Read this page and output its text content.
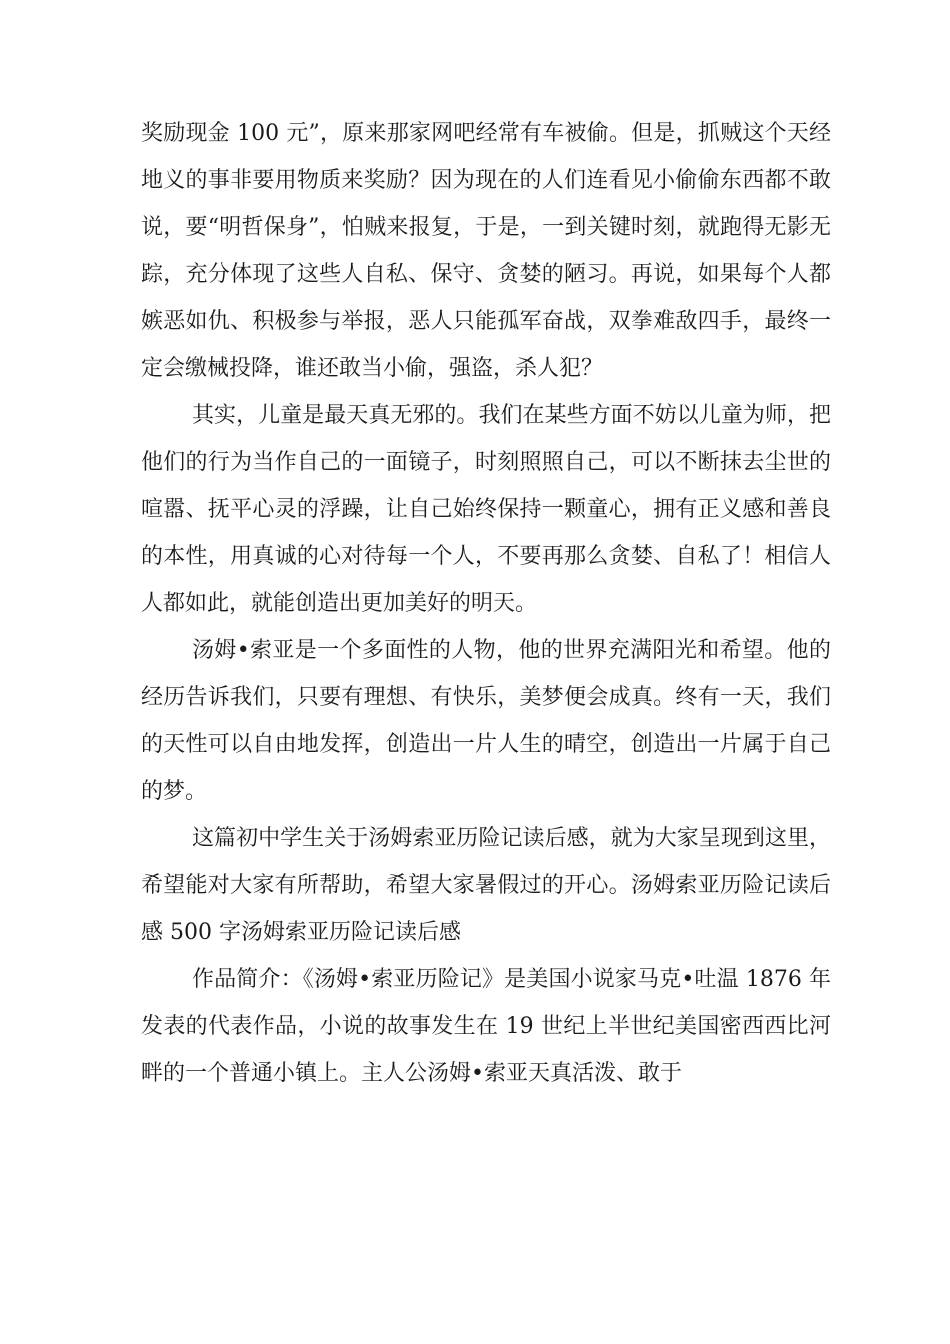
奖励现金 100 元”，原来那家网吧经常有车被偷。但是，抓贼这个天经地义的事非要用物质来奖励？因为现在的人们连看见小偷偷东西都不敢说，要“明哲保身”，怕贼来报复，于是，一到关键时刻，就跑得无影无踪，充分体现了这些人自私、保守、贪婪的陋习。再说，如果每个人都嫉恶如仇、积极参与举报，恶人只能孤军奋战，双拳难敌四手，最终一定会缴械投降，谁还敢当小偷，强盗，杀人犯？

其实，儿童是最天真无邪的。我们在某些方面不妨以儿童为师，把他们的行为当作自己的一面镜子，时刻照照自己，可以不断抹去尘世的喧嚣、抚平心灵的浮躁，让自己始终保持一颗童心，拥有正义感和善良的本性，用真诚的心对待每一个人，不要再那么贪婪、自私了！相信人人都如此，就能创造出更加美好的明天。

汤姆•索亚是一个多面性的人物，他的世界充满阳光和希望。他的经历告诉我们，只要有理想、有快乐，美梦便会成真。终有一天，我们的天性可以自由地发挥，创造出一片人生的晴空，创造出一片属于自己的梦。

这篇初中学生关于汤姆索亚历险记读后感，就为大家呈现到这里，希望能对大家有所帮助，希望大家暑假过的开心。汤姆索亚历险记读后感 500 字汤姆索亚历险记读后感

作品简介：《汤姆•索亚历险记》是美国小说家马克•吐温 1876 年发表的代表作品，小说的故事发生在 19 世纪上半世纪美国密西西比河畔的一个普通小镇上。主人公汤姆•索亚天真活泼、敢于
